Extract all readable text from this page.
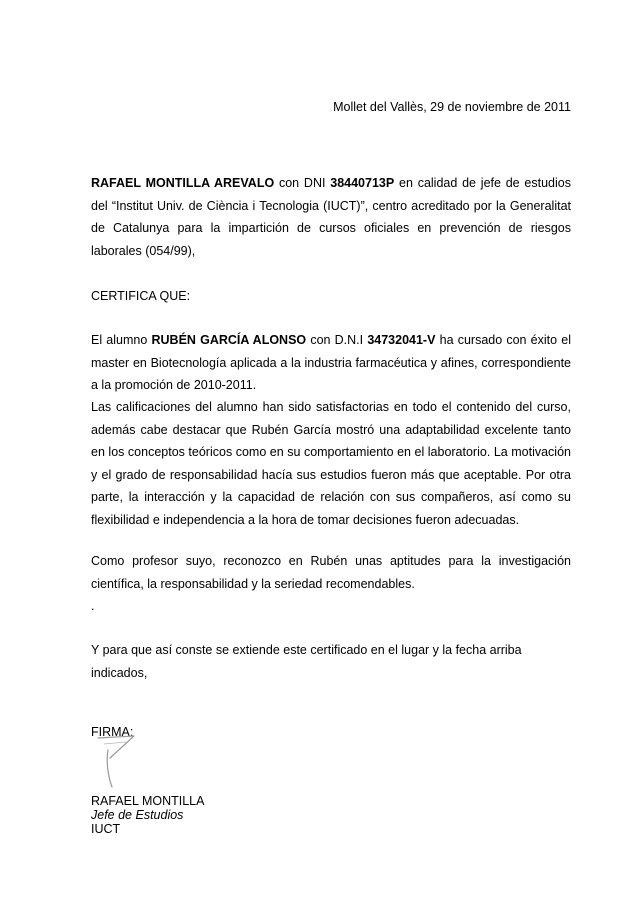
Mollet del Vallès, 29 de noviembre de 2011
RAFAEL MONTILLA AREVALO con DNI 38440713P en calidad de jefe de estudios del “Institut Univ. de Ciència i Tecnologia (IUCT)”, centro acreditado por la Generalitat de Catalunya para la impartición de cursos oficiales en prevención de riesgos laborales (054/99),
CERTIFICA QUE:
El alumno RUBÉN GARCÍA ALONSO con D.N.I 34732041-V ha cursado con éxito el master en Biotecnología aplicada a la industria farmacéutica y afines, correspondiente a la promoción de 2010-2011.
Las calificaciones del alumno han sido satisfactorias en todo el contenido del curso, además cabe destacar que Rubén García mostró una adaptabilidad excelente tanto en los conceptos teóricos como en su comportamiento en el laboratorio. La motivación y el grado de responsabilidad hacía sus estudios fueron más que aceptable. Por otra parte, la interacción y la capacidad de relación con sus compañeros, así como su flexibilidad e independencia a la hora de tomar decisiones fueron adecuadas.
Como profesor suyo, reconozco en Rubén unas aptitudes para la investigación científica, la responsabilidad y la seriedad recomendables.
.
Y para que así conste se extiende este certificado en el lugar y la fecha arriba indicados,
FIRMA:
RAFAEL MONTILLA
Jefe de Estudios
IUCT
